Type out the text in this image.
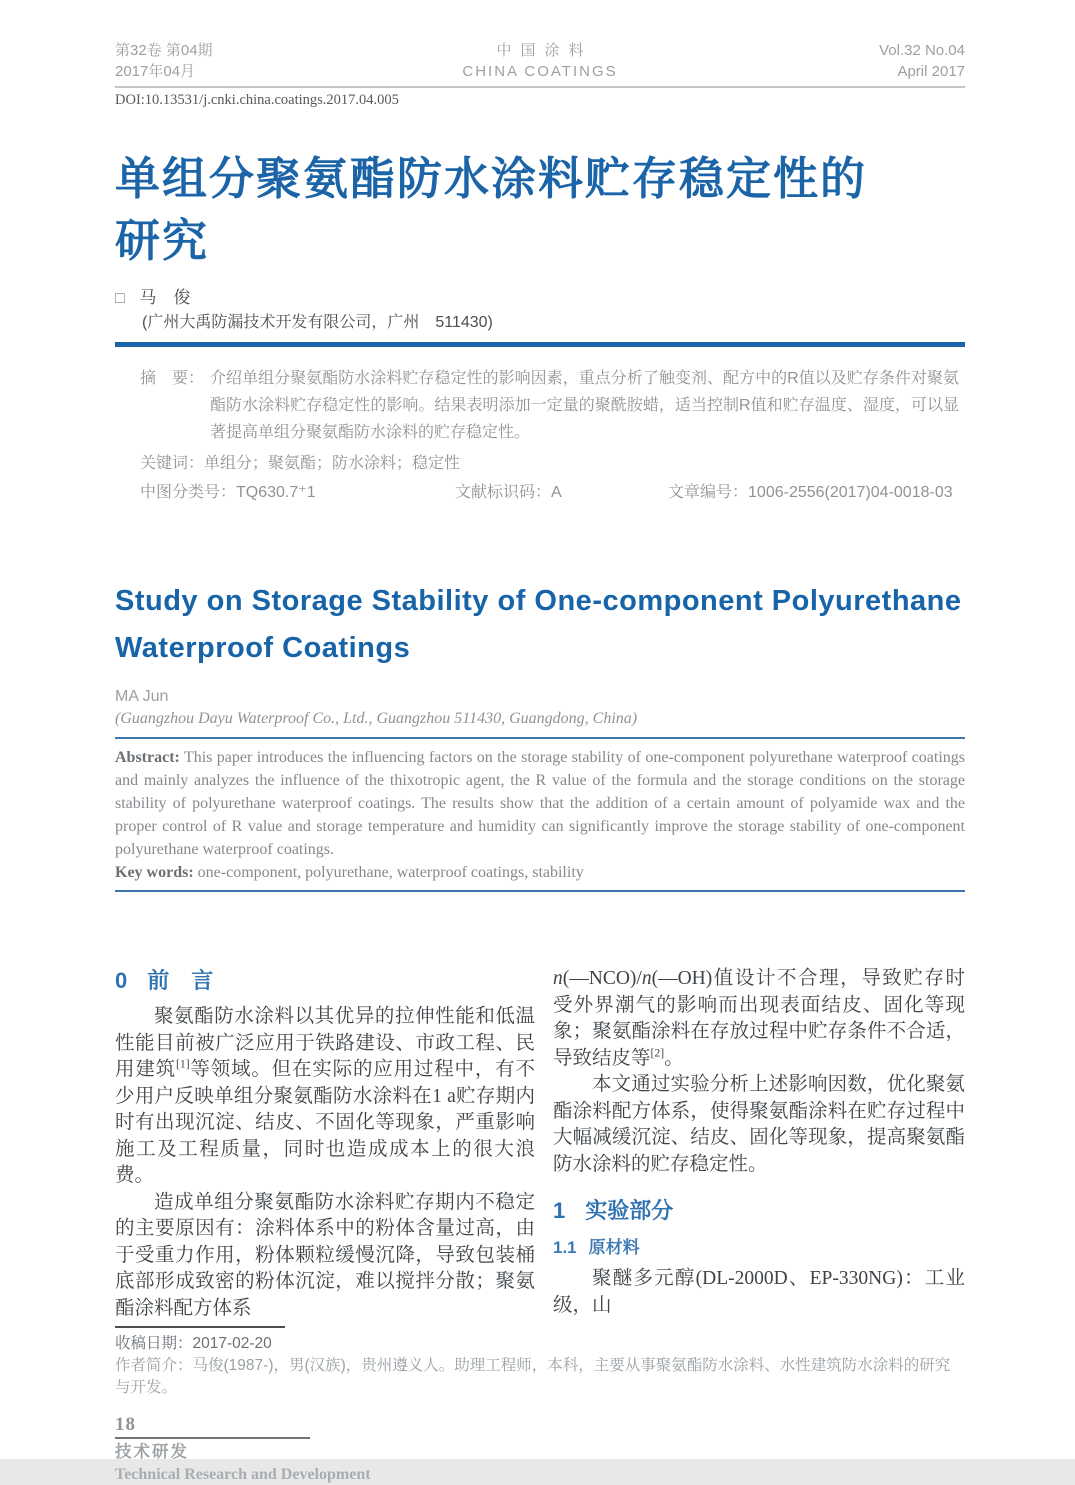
第32卷 第04期
2017年04月
中国涂料
CHINA COATINGS
Vol.32 No.04
April 2017
DOI:10.13531/j.cnki.china.coatings.2017.04.005
单组分聚氨酯防水涂料贮存稳定性的
研究
□ 马　俊
(广州大禹防漏技术开发有限公司，广州　511430)
摘　要： 介绍单组分聚氨酯防水涂料贮存稳定性的影响因素，重点分析了触变剂、配方中的R值以及贮存条件对聚氨酯防水涂料贮存稳定性的影响。结果表明添加一定量的聚酰胺蜡，适当控制R值和贮存温度、湿度，可以显著提高单组分聚氨酯防水涂料的贮存稳定性。
关键词：单组分；聚氨酯；防水涂料；稳定性
中图分类号：TQ630.7⁺1	文献标识码：A	文章编号：1006-2556(2017)04-0018-03
Study on Storage Stability of One-component Polyurethane
Waterproof Coatings
MA Jun
(Guangzhou Dayu Waterproof Co., Ltd., Guangzhou 511430, Guangdong, China)

Abstract: This paper introduces the influencing factors on the storage stability of one-component polyurethane waterproof coatings and mainly analyzes the influence of the thixotropic agent, the R value of the formula and the storage conditions on the storage stability of polyurethane waterproof coatings. The results show that the addition of a certain amount of polyamide wax and the proper control of R value and storage temperature and humidity can significantly improve the storage stability of one-component polyurethane waterproof coatings.

Key words: one-component, polyurethane, waterproof coatings, stability

0 前　言

聚氨酯防水涂料以其优异的拉伸性能和低温性能目前被广泛应用于铁路建设、市政工程、民用建筑[1]等领域。但在实际的应用过程中，有不少用户反映单组分聚氨酯防水涂料在1 a贮存期内时有出现沉淀、结皮、不固化等现象，严重影响施工及工程质量，同时也造成成本上的很大浪费。

造成单组分聚氨酯防水涂料贮存期内不稳定的主要原因有：涂料体系中的粉体含量过高，由于受重力作用，粉体颗粒缓慢沉降，导致包装桶底部形成致密的粉体沉淀，难以搅拌分散；聚氨酯涂料配方体系

n(—NCO)/n(—OH)值设计不合理，导致贮存时受外界潮气的影响而出现表面结皮、固化等现象；聚氨酯涂料在存放过程中贮存条件不合适，导致结皮等[2]。

本文通过实验分析上述影响因数，优化聚氨酯涂料配方体系，使得聚氨酯涂料在贮存过程中大幅减缓沉淀、结皮、固化等现象，提高聚氨酯防水涂料的贮存稳定性。

1 实验部分
1.1 原材料

聚醚多元醇(DL-2000D、EP-330NG)：工业级，山

收稿日期：2017-02-20
作者简介：马俊(1987-)，男(汉族)，贵州遵义人。助理工程师，本科，主要从事聚氨酯防水涂料、水性建筑防水涂料的研究与开发。
18
技术研发
Technical Research and Development
